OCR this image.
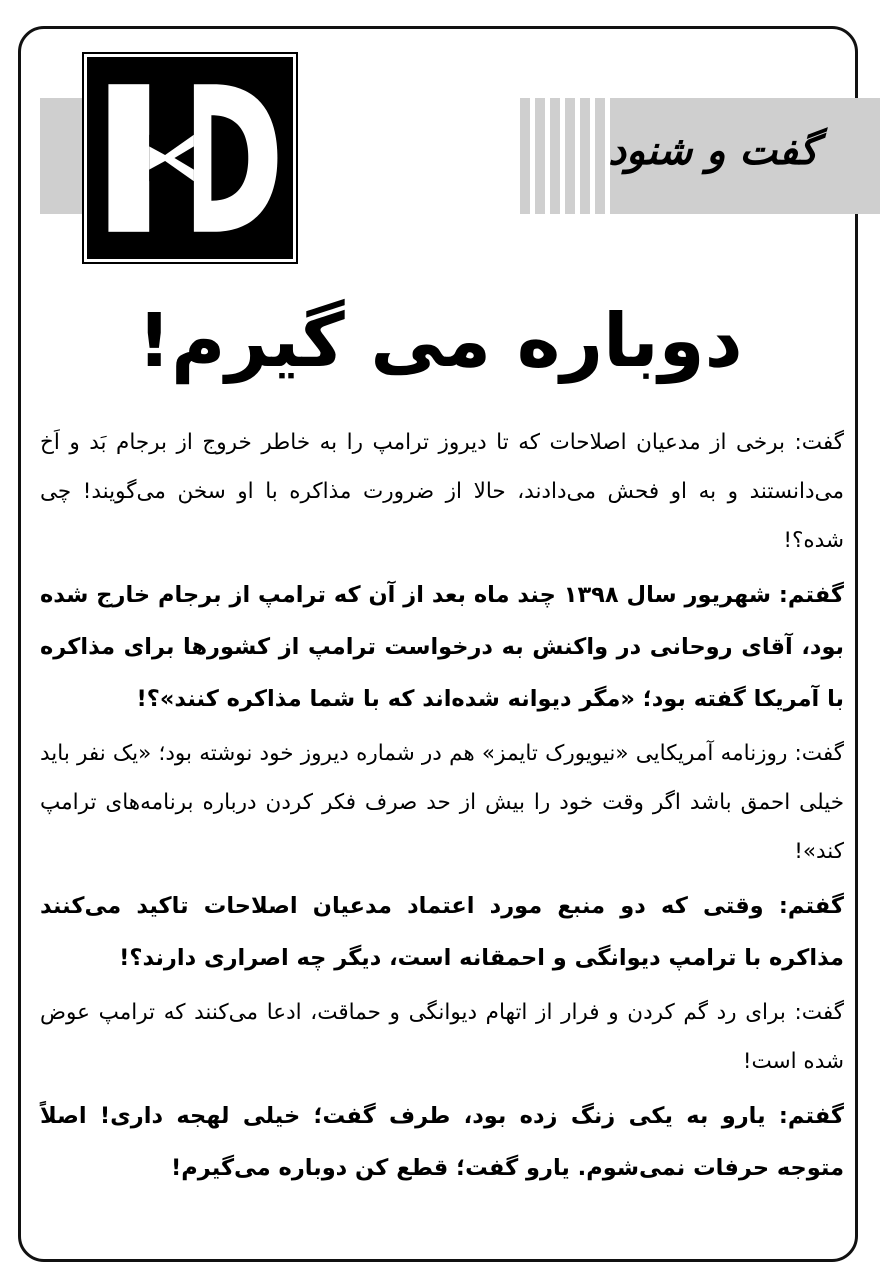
گفت و شنود
دوباره می گیرم!

گفت: برخی از مدعیان اصلاحات که تا دیروز ترامپ را به خاطر خروج از برجام بَد و اَخ می‌دانستند و به او فحش می‌دادند، حالا از ضرورت مذاکره با او سخن می‌گویند! چی شده؟!

گفتم: شهریور سال ۱۳۹۸ چند ماه بعد از آن که ترامپ از برجام خارج شده بود، آقای روحانی در واکنش به درخواست ترامپ از کشورها برای مذاکره با آمریکا گفته بود؛ «مگر دیوانه شده‌اند که با شما مذاکره کنند»؟!

گفت: روزنامه آمریکایی «نیویورک تایمز» هم در شماره دیروز خود نوشته بود؛ «یک نفر باید خیلی احمق باشد اگر وقت خود را بیش از حد صرف فکر کردن درباره برنامه‌های ترامپ کند»!

گفتم: وقتی که دو منبع مورد اعتماد مدعیان اصلاحات تاکید می‌کنند مذاکره با ترامپ دیوانگی و احمقانه است، دیگر چه اصراری دارند؟!

گفت: برای رد گم کردن و فرار از اتهام دیوانگی و حماقت، ادعا می‌کنند که ترامپ عوض شده است!

گفتم: یارو به یکی زنگ زده بود، طرف گفت؛ خیلی لهجه داری! اصلاً متوجه حرفات نمی‌شوم. یارو گفت؛ قطع کن دوباره می‌گیرم!
